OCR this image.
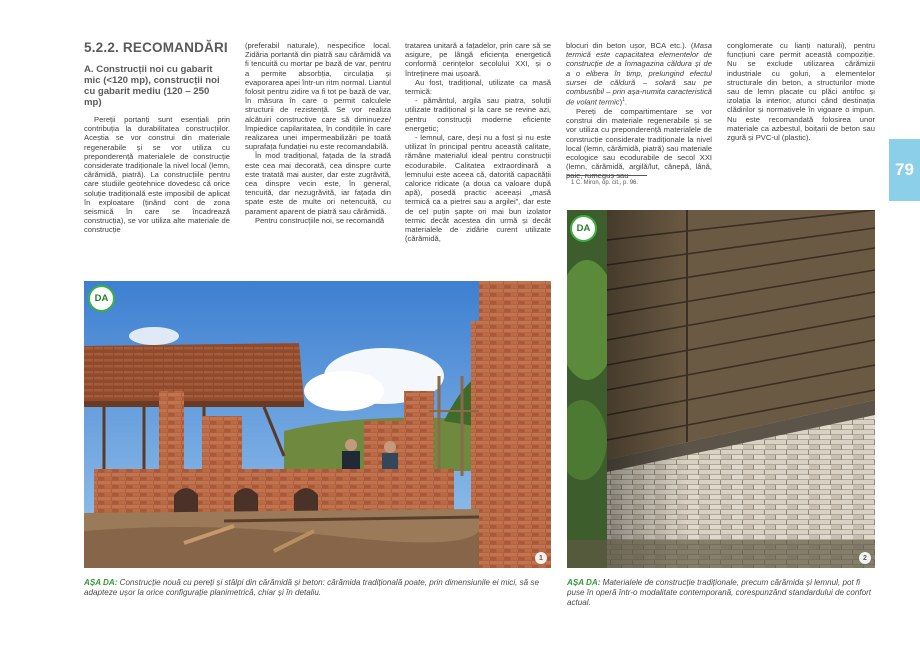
5.2.2. RECOMANDĂRI
A. Construcții noi cu gabarit mic (<120 mp), construcții noi cu gabarit mediu (120 – 250 mp)

Pereții portanți sunt esențiali prin contribuția la durabilitatea construcțiilor. Aceștia se vor construi din materiale regenerabile și se vor utiliza cu preponderență materialele de construcție considerate tradiționale la nivel local (lemn, cărămidă, piatră). La construcțiile pentru care studiile geotehnice dovedesc că orice soluție tradițională este imposibil de aplicat în exploatare (ținând cont de zona seismică în care se încadrează construcția), se vor utiliza alte materiale de construcție

(preferabil naturale), nespecifice local. Zidăria portantă din piatră sau cărămidă va fi tencuită cu mortar pe bază de var, pentru a permite absorbția, circulația și evaporarea apei într-un ritm normal. Liantul folosit pentru zidire va fi tot pe bază de var, în măsura în care o permit calculele structurii de rezistență. Se vor realiza alcătuiri constructive care să diminueze/împiedice capilaritatea, în condițiile în care realizarea unei impermeabilizări pe toată suprafața fundației nu este recomandabilă.

În mod tradițional, fațada de la stradă este cea mai decorată, cea dinspre curte este tratată mai auster, dar este zugrăvită, cea dinspre vecin este, în general, tencuită, dar nezugrăvită, iar fațada din spate este de multe ori netencuită, cu parament aparent de piatră sau cărămidă.

Pentru construcțiile noi, se recomandă

tratarea unitară a fațadelor, prin care să se asigure, pe lângă eficiența energetică conformă cerințelor secolului XXI, și o întreținere mai ușoară.

Au fost, tradițional, utilizate ca masă termică:

- pământul, argila sau piatra, soluții utilizate tradițional și la care se revine azi, pentru construcții moderne eficiente energetic;

- lemnul, care, deși nu a fost și nu este utilizat în principal pentru această calitate, rămâne materialul ideal pentru construcții ecodurabile. Calitatea extraordinară a lemnului este aceea că, datorită capacității calorice ridicate (a doua ca valoare după apă), posedă practic aceeași „masă termică ca a pietrei sau a argilei”, dar este de cel puțin șapte ori mai bun izolator termic decât acestea din urmă și decât materialele de zidărie curent utilizate (cărămidă,

blocuri din beton ușor, BCA etc.). (Masa termică este capacitatea elementelor de construcție de a înmagazina căldura și de a o elibera în timp, prelungind efectul sursei de căldură – solară sau pe combustibil – prin așa-numita caracteristică de volant termic)$^1$.

Pereți de compartimentare se vor construi din materiale regenerabile și se vor utiliza cu preponderență materialele de construcție considerate tradiționale la nivel local (lemn, cărămidă, piatră) sau materiale ecologice sau ecodurabile de secol XXI (lemn, cărămidă, argilă/lut, cânepă, lână, paie, rumeguș sau

1 C. Miron, op. cit., p. 96.

conglomerate cu lianți naturali), pentru funcțiuni care permit această compoziție. Nu se exclude utilizarea cărămizii industriale cu goluri, a elementelor structurale din beton, a structurilor mixte sau de lemn placate cu plăci antifoc și izolația la interior, atunci când destinația clădirilor și normativele în vigoare o impun. Nu este recomandată folosirea unor materiale ca azbestul, boițarii de beton sau zgură și PVC-ul (plastic).

79
DA
1
DA
2
AȘA DA: Construcție nouă cu pereți și stâlpi din cărămidă și beton: cărămida tradițională poate, prin dimensiunile ei mici, să se adapteze ușor la orice configurație planimetrică, chiar și în detaliu.
AȘA DA: Materialele de construcție tradiționale, precum cărămida și lemnul, pot fi puse în operă într-o modalitate contemporană, corespunzând standardului de confort actual.
